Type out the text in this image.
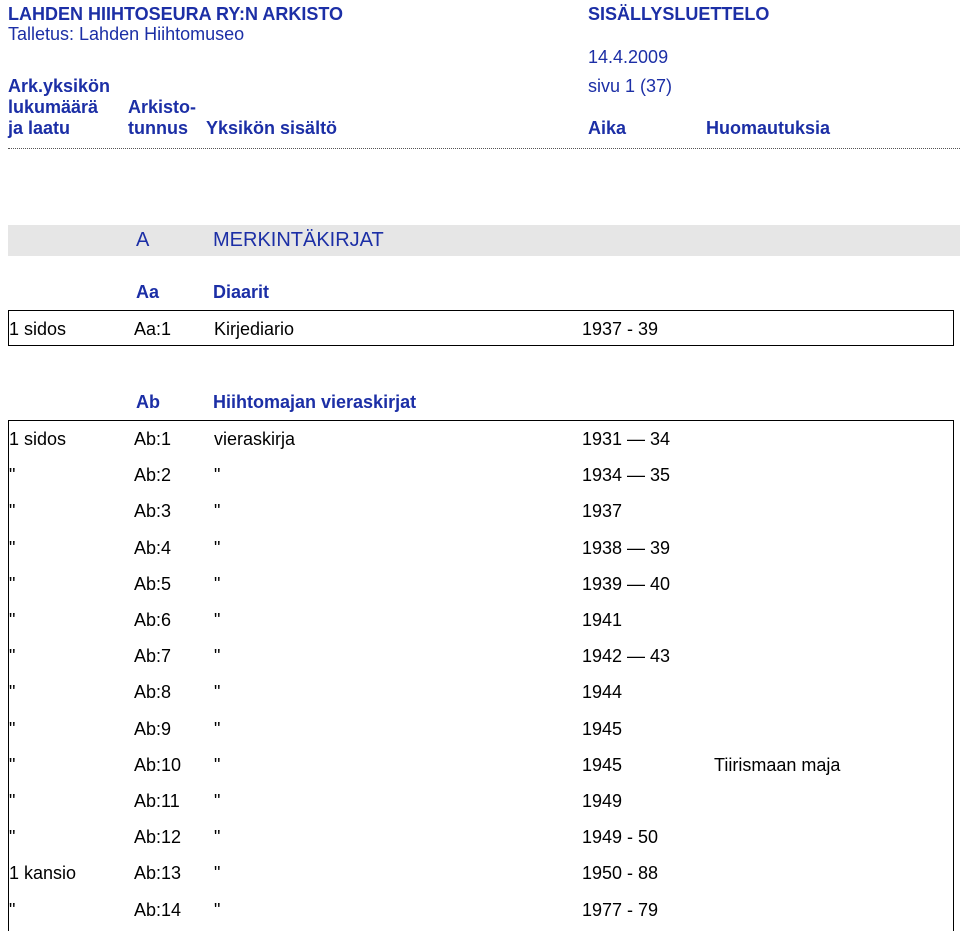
LAHDEN HIIHTOSEURA RY:N ARKISTO
Talletus: Lahden Hiihtomuseo
SISÄLLYSLUETTELO
14.4.2009
sivu 1 (37)
Ark.yksikön
lukumäärä
ja laatu
Arkisto-
tunnus Yksikön sisältö	Aika	Huomautuksia
A	MERKINTÄKIRJAT
Aa	Diaarit
1 sidos	Aa:1 Kirjediario	1937 - 39
Ab	Hiihtomajan vieraskirjat
1 sidos	Ab:1 vieraskirja	1931 — 34
"	Ab:2 "	1934 — 35
"	Ab:3 "	1937
"	Ab:4 "	1938 — 39
"	Ab:5 "	1939 — 40
"	Ab:6 "	1941
"	Ab:7 "	1942 — 43
"	Ab:8 "	1944
"	Ab:9 "	1945
"	Ab:10 "	1945	Tiirismaan maja
"	Ab:11 "	1949
"	Ab:12 "	1949 - 50
1 kansio	Ab:13 "	1950 - 88
"	Ab:14 "	1977 - 79
